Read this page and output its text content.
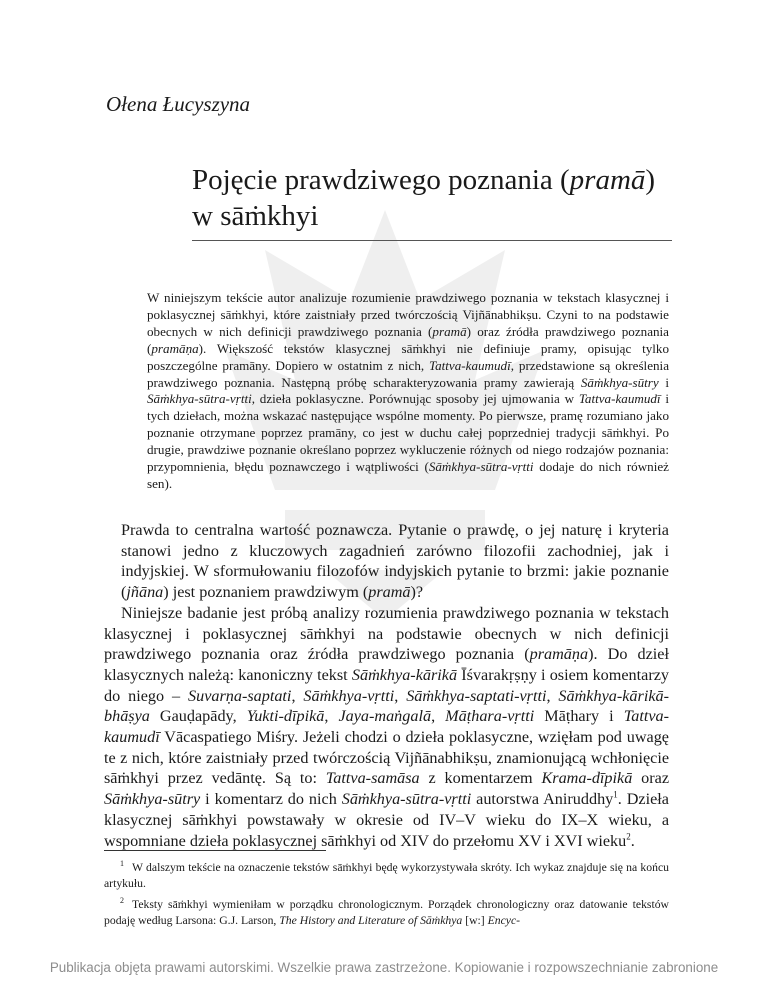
Ołena Łucyszyna
Pojęcie prawdziwego poznania (pramā)
w sāṁkhyi
W niniejszym tekście autor analizuje rozumienie prawdziwego poznania w tekstach klasycznej i poklasycznej sāṁkhyi, które zaistniały przed twórczością Vijñānabhikṣu. Czyni to na podstawie obecnych w nich definicji prawdziwego poznania (pramā) oraz źródła prawdziwego poznania (pramāṇa). Większość tekstów klasycznej sāṁkhyi nie definiuje pramy, opisując tylko poszczególne pramāny. Dopiero w ostatnim z nich, Tattva-kaumudī, przedstawione są określenia prawdziwego poznania. Następną próbę scharakteryzowania pramy zawierają Sāṁkhya-sūtry i Sāṁkhya-sūtra-vṛtti, dzieła poklasyczne. Porównując sposoby jej ujmowania w Tattva-kaumudī i tych dziełach, można wskazać następujące wspólne momenty. Po pierwsze, pramę rozumiano jako poznanie otrzymane poprzez pramāny, co jest w duchu całej poprzedniej tradycji sāṁkhyi. Po drugie, prawdziwe poznanie określano poprzez wykluczenie różnych od niego rodzajów poznania: przypomnienia, błędu poznawczego i wątpliwości (Sāṁkhya-sūtra-vṛtti dodaje do nich również sen).

Prawda to centralna wartość poznawcza. Pytanie o prawdę, o jej naturę i kryteria stanowi jedno z kluczowych zagadnień zarówno filozofii zachodniej, jak i indyjskiej. W sformułowaniu filozofów indyjskich pytanie to brzmi: jakie poznanie (jñāna) jest poznaniem prawdziwym (pramā)?

Niniejsze badanie jest próbą analizy rozumienia prawdziwego poznania w tekstach klasycznej i poklasycznej sāṁkhyi na podstawie obecnych w nich definicji prawdziwego poznania oraz źródła prawdziwego poznania (pramāṇa). Do dzieł klasycznych należą: kanoniczny tekst Sāṁkhya-kārikā Īśvarakṛṣṇy i osiem komentarzy do niego – Suvarṇa-saptati, Sāṁkhya-vṛtti, Sāṁkhya-saptati-vṛtti, Sāṁkhya-kārikā-bhāṣya Gauḍapādy, Yukti-dīpikā, Jaya-maṅgalā, Māṭhara-vṛtti Māṭhary i Tattva-kaumudī Vācaspatiego Miśry. Jeżeli chodzi o dzieła poklasyczne, wzięłam pod uwagę te z nich, które zaistniały przed twórczością Vijñānabhikṣu, znamionującą wchłonięcie sāṁkhyi przez vedāntę. Są to: Tattva-samāsa z komentarzem Krama-dīpikā oraz Sāṁkhya-sūtry i komentarz do nich Sāṁkhya-sūtra-vṛtti autorstwa Aniruddhy$^1$. Dzieła klasycznej sāṁkhyi powstawały w okresie od IV–V wieku do IX–X wieku, a wspomniane dzieła poklasycznej sāṁkhyi od XIV do przełomu XV i XVI wieku$^2$.

$^1$ W dalszym tekście na oznaczenie tekstów sāṁkhyi będę wykorzystywała skróty. Ich wykaz znajduje się na końcu artykułu.

$^2$ Teksty sāṁkhyi wymieniłam w porządku chronologicznym. Porządek chronologiczny oraz datowanie tekstów podaję według Larsona: G.J. Larson, The History and Literature of Sāṁkhya [w:] Encyc-

Publikacja objęta prawami autorskimi. Wszelkie prawa zastrzeżone. Kopiowanie i rozpowszechnianie zabronione
